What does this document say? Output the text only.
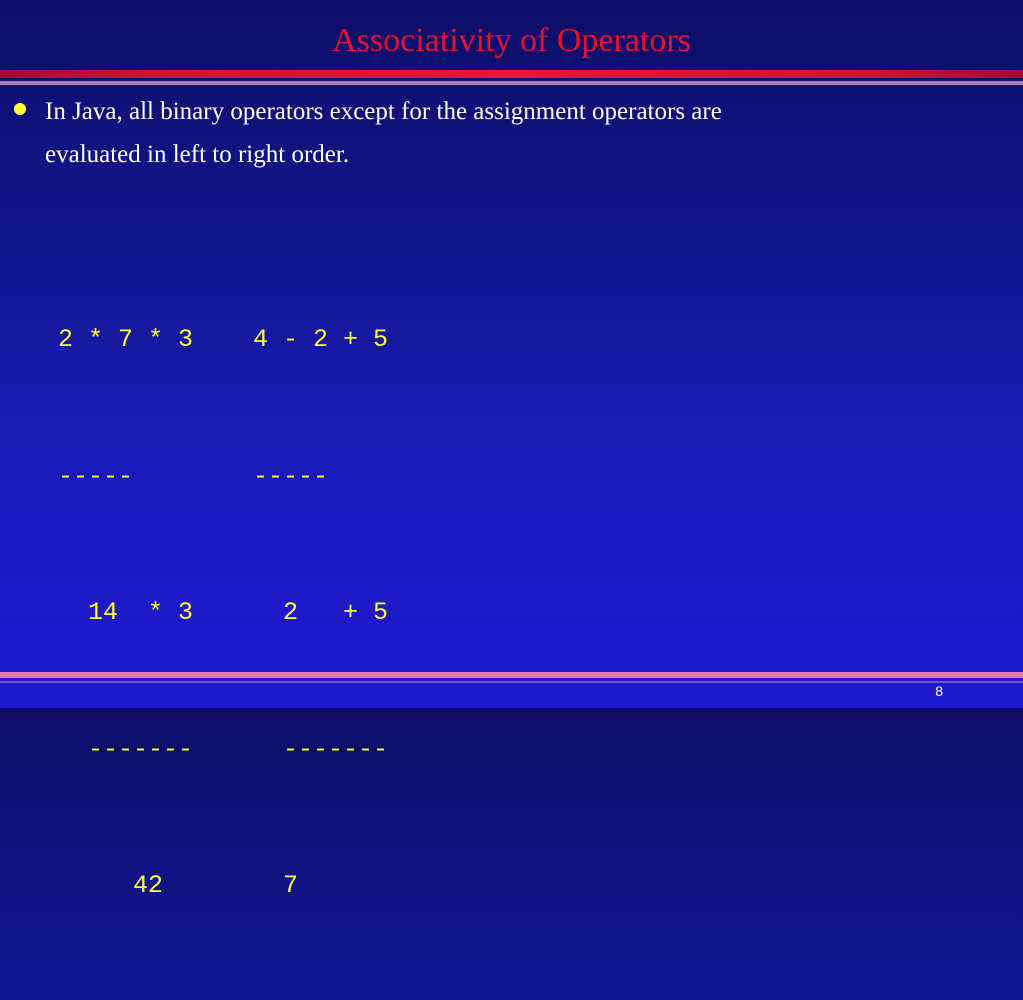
Associativity of Operators
In Java, all binary operators except for the assignment operators are
evaluated in left to right order.

2 * 7 * 3    4 - 2 + 5

-----        -----

14  * 3      2   + 5

-------      -------

42        7

8
